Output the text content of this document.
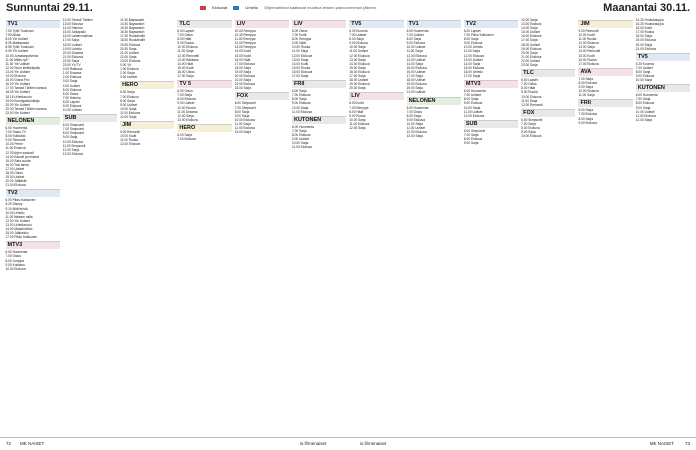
Sunnuntai 29.11.	Maanantai 30.11.
Elokuvat	Urheilu Ohjelmatiedot saattavat muuttua lehden painoonmenon jälkeen.
TV1
7.00 Tyttö Tuulivuori
7.50 Alkaa
8.00 Yle Uutiset
8.05 Matkasadut
8.55 Tyttö Tuulivuori
9.05 Yle Uutiset
10.00 Jumalanpalvelus
11.00 Mitäs nyt?
11.30 Yle Uutiset
12.00 Suuri keittokilpailu
13.00 Yle Uutiset
14.00 Elokuva
15.00 Grand Prix
16.20 Yle Uutiset
17.00 Tanssii Tähtien kanssa
18.00 Yle Uutiset
18.15 Urheiluruutu
19.00 Kuningaskuluttaja
20.00 Yle Uutiset
20.30 Tanssii Tähtien kanssa
22.00 Yle Uutiset
NELONEN
6.00 Huomenta
7.00 Ostos-TV
8.00 Kotikokki
9.00 Remontti
10.00 Perhe
11.00 Elokuva
12.30 Arjen sankarit
14.00 Kauniit ja rohkeat
15.00 Sata vuotta
16.00 Tosi tarina
17.00 Uutiset
18.00 Ostos
19.00 Uutiset
20.00 Jäätävät
21.00 Elokuva
TV2
6.00 Pikku Kakkonen
8.20 Disney
9.10 Mitä tehdä
10.00 Urheilu
11.00 Naisten rallia
12.00 Yle Uutiset
13.00 Urheiluruutu
14.00 Maastohiihto
15.00 Jääkiekko
17.00 Pikku Kakkonen
MTV3
6.00 Huomenta
7.00 Ostos
8.00 Jumppa
9.00 Kokkaus
10.00 Elokuva
12.00 Tanssii Tähtien
13.00 Elokuva
14.00 Historia
15.00 Jalkapallo
16.00 Lastenohjelma
17.00 Sarja
18.00 Uutiset
19.00 Urheilu
20.00 Draama
21.00 Elokuva
22.00 Sarja
23.00 Yö-TV
0.00 Rakkaus
1.00 Draama
2.00 Elokuva
3.00 Sarja
4.00 Uutiset
5.00 Elokuva
6.00 Ostos
7.00 Historia
8.00 Lapset
9.00 Elokuva
10.00 Uutiset
SUB
6.00 Simpsonit
7.00 Simpsonit
8.00 Simpsonit
9.00 Sarja
10.00 Elokuva
11.00 Simpsonit
12.00 Sarja
13.00 Elokuva
11.30 Bayswatch
14.30 Bayswatch
15.30 Bayswatch
16.30 Bayswatch
17.30 Ruokahallit
18.30 Ruokahallit
19.30 Elokuva
20.30 Sarja
21.00 Uutiset
22.00 Sarja
23.00 Elokuva
0.00 Yö
1.00 Elokuva
2.00 Sarja
3.00 Uutiset
HERO
6.00 Sarja
7.00 Elokuva
8.00 Sarja
9.00 Uutiset
10.00 Sarja
11.00 Elokuva
12.00 Sarja
JIM
9.00 Remontti
10.00 Kodit
11.00 Ruoka
12.00 Elokuva
TLC
6.00 Lapset
7.00 Ostos
8.00 Häät
9.00 Ruoka
10.00 Elokuva
11.00 Sarja
12.00 Remontti
13.00 Rakkaus
14.00 Häät
15.00 Kodit
16.00 Ostos
17.00 Sarja
TV 5
6.00 Ostos
7.00 Sarja
8.00 Elokuva
9.00 Uutiset
10.00 Ruoka
11.00 Draama
12.00 Sarja
13.00 Elokuva
HERO
6.00 Sarja
7.00 Elokuva
LIV
10.00 Remppa
10.30 Remppa
11.00 Remppa
12.00 Remppa
13.00 Remppa
14.00 Kodit
15.00 Kodit
16.00 Häät
17.00 Elokuva
18.00 Sarja
19.00 Sarja
20.00 Elokuva
21.00 Sarja
22.00 Elokuva
23.00 Sarja
FOX
6.00 Simpsonit
7.00 Simpsonit
8.00 Sarja
9.00 Sarja
10.00 Elokuva
11.00 Sarja
12.00 Elokuva
13.00 Sarja
LIV
6.00 Ostos
7.00 Kodit
8.00 Remppa
9.00 Häät
10.00 Ruoka
11.00 Sarja
12.00 Elokuva
13.00 Sarja
14.00 Kodit
15.00 Ruoka
16.00 Elokuva
17.00 Sarja
FRII
6.00 Sarja
7.00 Elokuva
8.00 Sarja
9.00 Elokuva
10.00 Sarja
11.00 Elokuva
KUTONEN
6.00 Huomenta
7.00 Sarja
8.00 Elokuva
9.00 Uutiset
10.00 Sarja
11.00 Elokuva
TV5
6.00 Kuorma
7.00 Uutiset
8.00 Sarja
9.00 Elokuva
10.00 Sarja
11.00 Uutiset
12.00 Elokuva
13.00 Sarja
14.00 Elokuva
15.00 Sarja
16.00 Elokuva
17.00 Sarja
18.00 Uutiset
19.00 Elokuva
20.00 Sarja
LIV
6.00 Kodit
7.00 Remppa
8.00 Häät
9.00 Ruoka
10.00 Sarja
11.00 Elokuva
12.00 Sarja
TV1
6.00 Huomenta
7.00 Uutiset
8.00 Sarja
9.00 Elokuva
10.00 Uutiset
11.00 Sarja
12.00 Elokuva
13.00 Uutiset
14.00 Sarja
15.00 Elokuva
16.00 Uutiset
17.00 Sarja
18.00 Uutiset
19.00 Elokuva
20.00 Sarja
21.00 Uutiset
NELONEN
6.00 Huomenta
7.00 Ostos
8.00 Sarja
9.00 Elokuva
10.00 Sarja
11.00 Uutiset
12.00 Elokuva
13.00 Sarja
TV2
6.00 Lapset
7.00 Pikku Kakkonen
8.00 Sarja
9.00 Elokuva
10.00 Urheilu
11.00 Sarja
12.00 Elokuva
13.00 Uutiset
14.00 Sarja
15.00 Elokuva
16.00 Urheilu
17.00 Sarja
MTV3
6.00 Huomenta
7.00 Uutiset
8.00 Sarja
9.00 Elokuva
10.00 Sarja
11.00 Uutiset
12.00 Elokuva
SUB
6.00 Simpsonit
7.00 Sarja
8.00 Elokuva
9.00 Sarja
12.00 Sarja
13.00 Elokuva
14.00 Sarja
15.00 Uutiset
16.00 Elokuva
17.00 Sarja
18.00 Uutiset
19.00 Elokuva
20.00 Sarja
21.00 Elokuva
22.00 Uutiset
23.00 Sarja
TLC
6.00 Lapset
7.00 Ostos
8.00 Häät
9.00 Ruoka
10.00 Elokuva
11.00 Sarja
12.00 Remontti
FOX
6.00 Simpsonit
7.00 Sarja
8.00 Elokuva
9.00 Sarja
10.00 Elokuva
JIM
9.00 Remontti
10.00 Kodit
11.00 Ruoka
12.00 Elokuva
13.00 Sarja
14.00 Remontti
15.00 Kodit
16.00 Ruoka
17.00 Elokuva
AVA
7.00 Sarja
8.00 Elokuva
9.00 Sarja
10.00 Elokuva
11.00 Sarja
FRII
6.00 Sarja
7.00 Elokuva
8.00 Sarja
9.00 Elokuva
14.30 Huutokauppa
15.30 Huutokauppa
16.00 Kodit
17.00 Ruoka
18.00 Sarja
19.00 Elokuva
20.00 Sarja
21.00 Elokuva
TV5
6.25 Kuorma
7.00 Uutiset
8.00 Sarja
9.00 Elokuva
10.00 Sarja
KUTONEN
6.00 Huomenta
7.00 Sarja
8.00 Elokuva
9.00 Sarja
10.00 Uutiset
11.00 Elokuva
12.00 Sarja
72 ME NAISET	is.fi/menaiset	is.fi/menaiset	ME NAISET 73
